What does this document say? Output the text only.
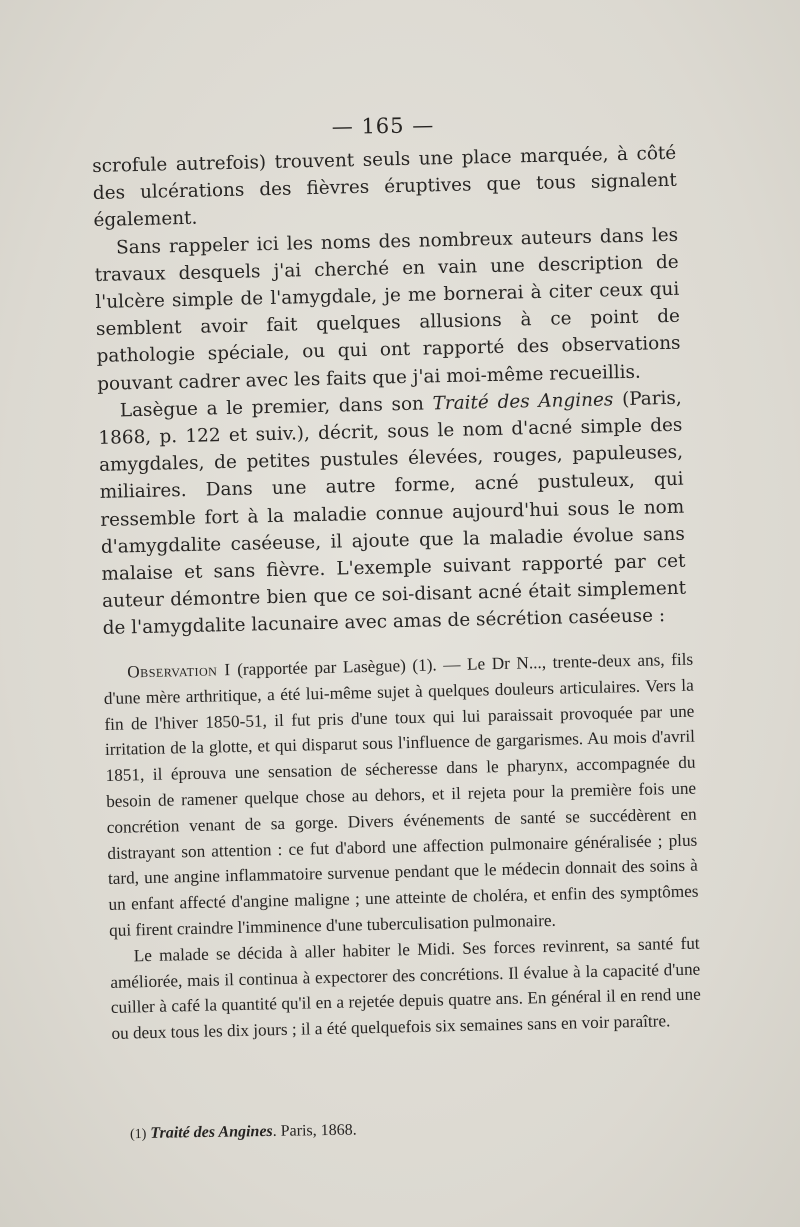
— 165 —

scrofule autrefois) trouvent seuls une place marquée, à côté des ulcérations des fièvres éruptives que tous signalent également.

Sans rappeler ici les noms des nombreux auteurs dans les travaux desquels j'ai cherché en vain une description de l'ulcère simple de l'amygdale, je me bornerai à citer ceux qui semblent avoir fait quelques allusions à ce point de pathologie spéciale, ou qui ont rapporté des observations pouvant cadrer avec les faits que j'ai moi-même recueillis.

Lasègue a le premier, dans son Traité des Angines (Paris, 1868, p. 122 et suiv.), décrit, sous le nom d'acné simple des amygdales, de petites pustules élevées, rouges, papuleuses, miliaires. Dans une autre forme, acné pustuleux, qui ressemble fort à la maladie connue aujourd'hui sous le nom d'amygdalite caséeuse, il ajoute que la maladie évolue sans malaise et sans fièvre. L'exemple suivant rapporté par cet auteur démontre bien que ce soi-disant acné était simplement de l'amygdalite lacunaire avec amas de sécrétion caséeuse :

Observation I (rapportée par Lasègue) (1). — Le Dr N..., trente-deux ans, fils d'une mère arthritique, a été lui-même sujet à quelques douleurs articulaires. Vers la fin de l'hiver 1850-51, il fut pris d'une toux qui lui paraissait provoquée par une irritation de la glotte, et qui disparut sous l'influence de gargarismes. Au mois d'avril 1851, il éprouva une sensation de sécheresse dans le pharynx, accompagnée du besoin de ramener quelque chose au dehors, et il rejeta pour la première fois une concrétion venant de sa gorge. Divers événements de santé se succédèrent en distrayant son attention : ce fut d'abord une affection pulmonaire généralisée ; plus tard, une angine inflammatoire survenue pendant que le médecin donnait des soins à un enfant affecté d'angine maligne ; une atteinte de choléra, et enfin des symptômes qui firent craindre l'imminence d'une tuberculisation pulmonaire.

Le malade se décida à aller habiter le Midi. Ses forces revinrent, sa santé fut améliorée, mais il continua à expectorer des concrétions. Il évalue à la capacité d'une cuiller à café la quantité qu'il en a rejetée depuis quatre ans. En général il en rend une ou deux tous les dix jours ; il a été quelquefois six semaines sans en voir paraître.

(1) Traité des Angines. Paris, 1868.
